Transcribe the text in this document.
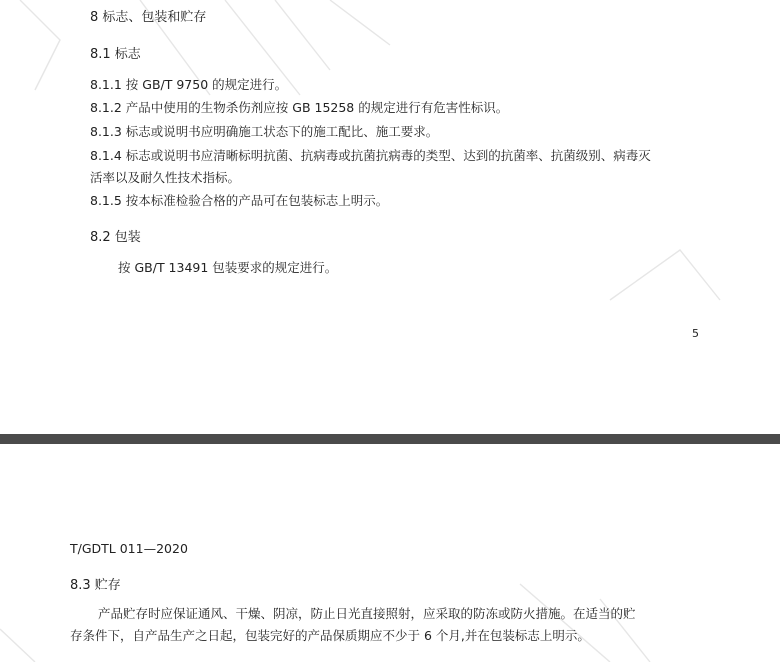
8 标志、包装和贮存
8.1 标志
8.1.1 按 GB/T 9750 的规定进行。
8.1.2 产品中使用的生物杀伤剂应按 GB 15258 的规定进行有危害性标识。
8.1.3 标志或说明书应明确施工状态下的施工配比、施工要求。
8.1.4 标志或说明书应清晰标明抗菌、抗病毒或抗菌抗病毒的类型、达到的抗菌率、抗菌级别、病毒灭
活率以及耐久性技术指标。
8.1.5 按本标准检验合格的产品可在包装标志上明示。
8.2 包装
按 GB/T 13491 包装要求的规定进行。
5
T/GDTL 011—2020
8.3 贮存
产品贮存时应保证通风、干燥、阴凉，防止日光直接照射，应采取的防冻或防火措施。在适当的贮
存条件下，自产品生产之日起，包装完好的产品保质期应不少于 6 个月,并在包装标志上明示。
